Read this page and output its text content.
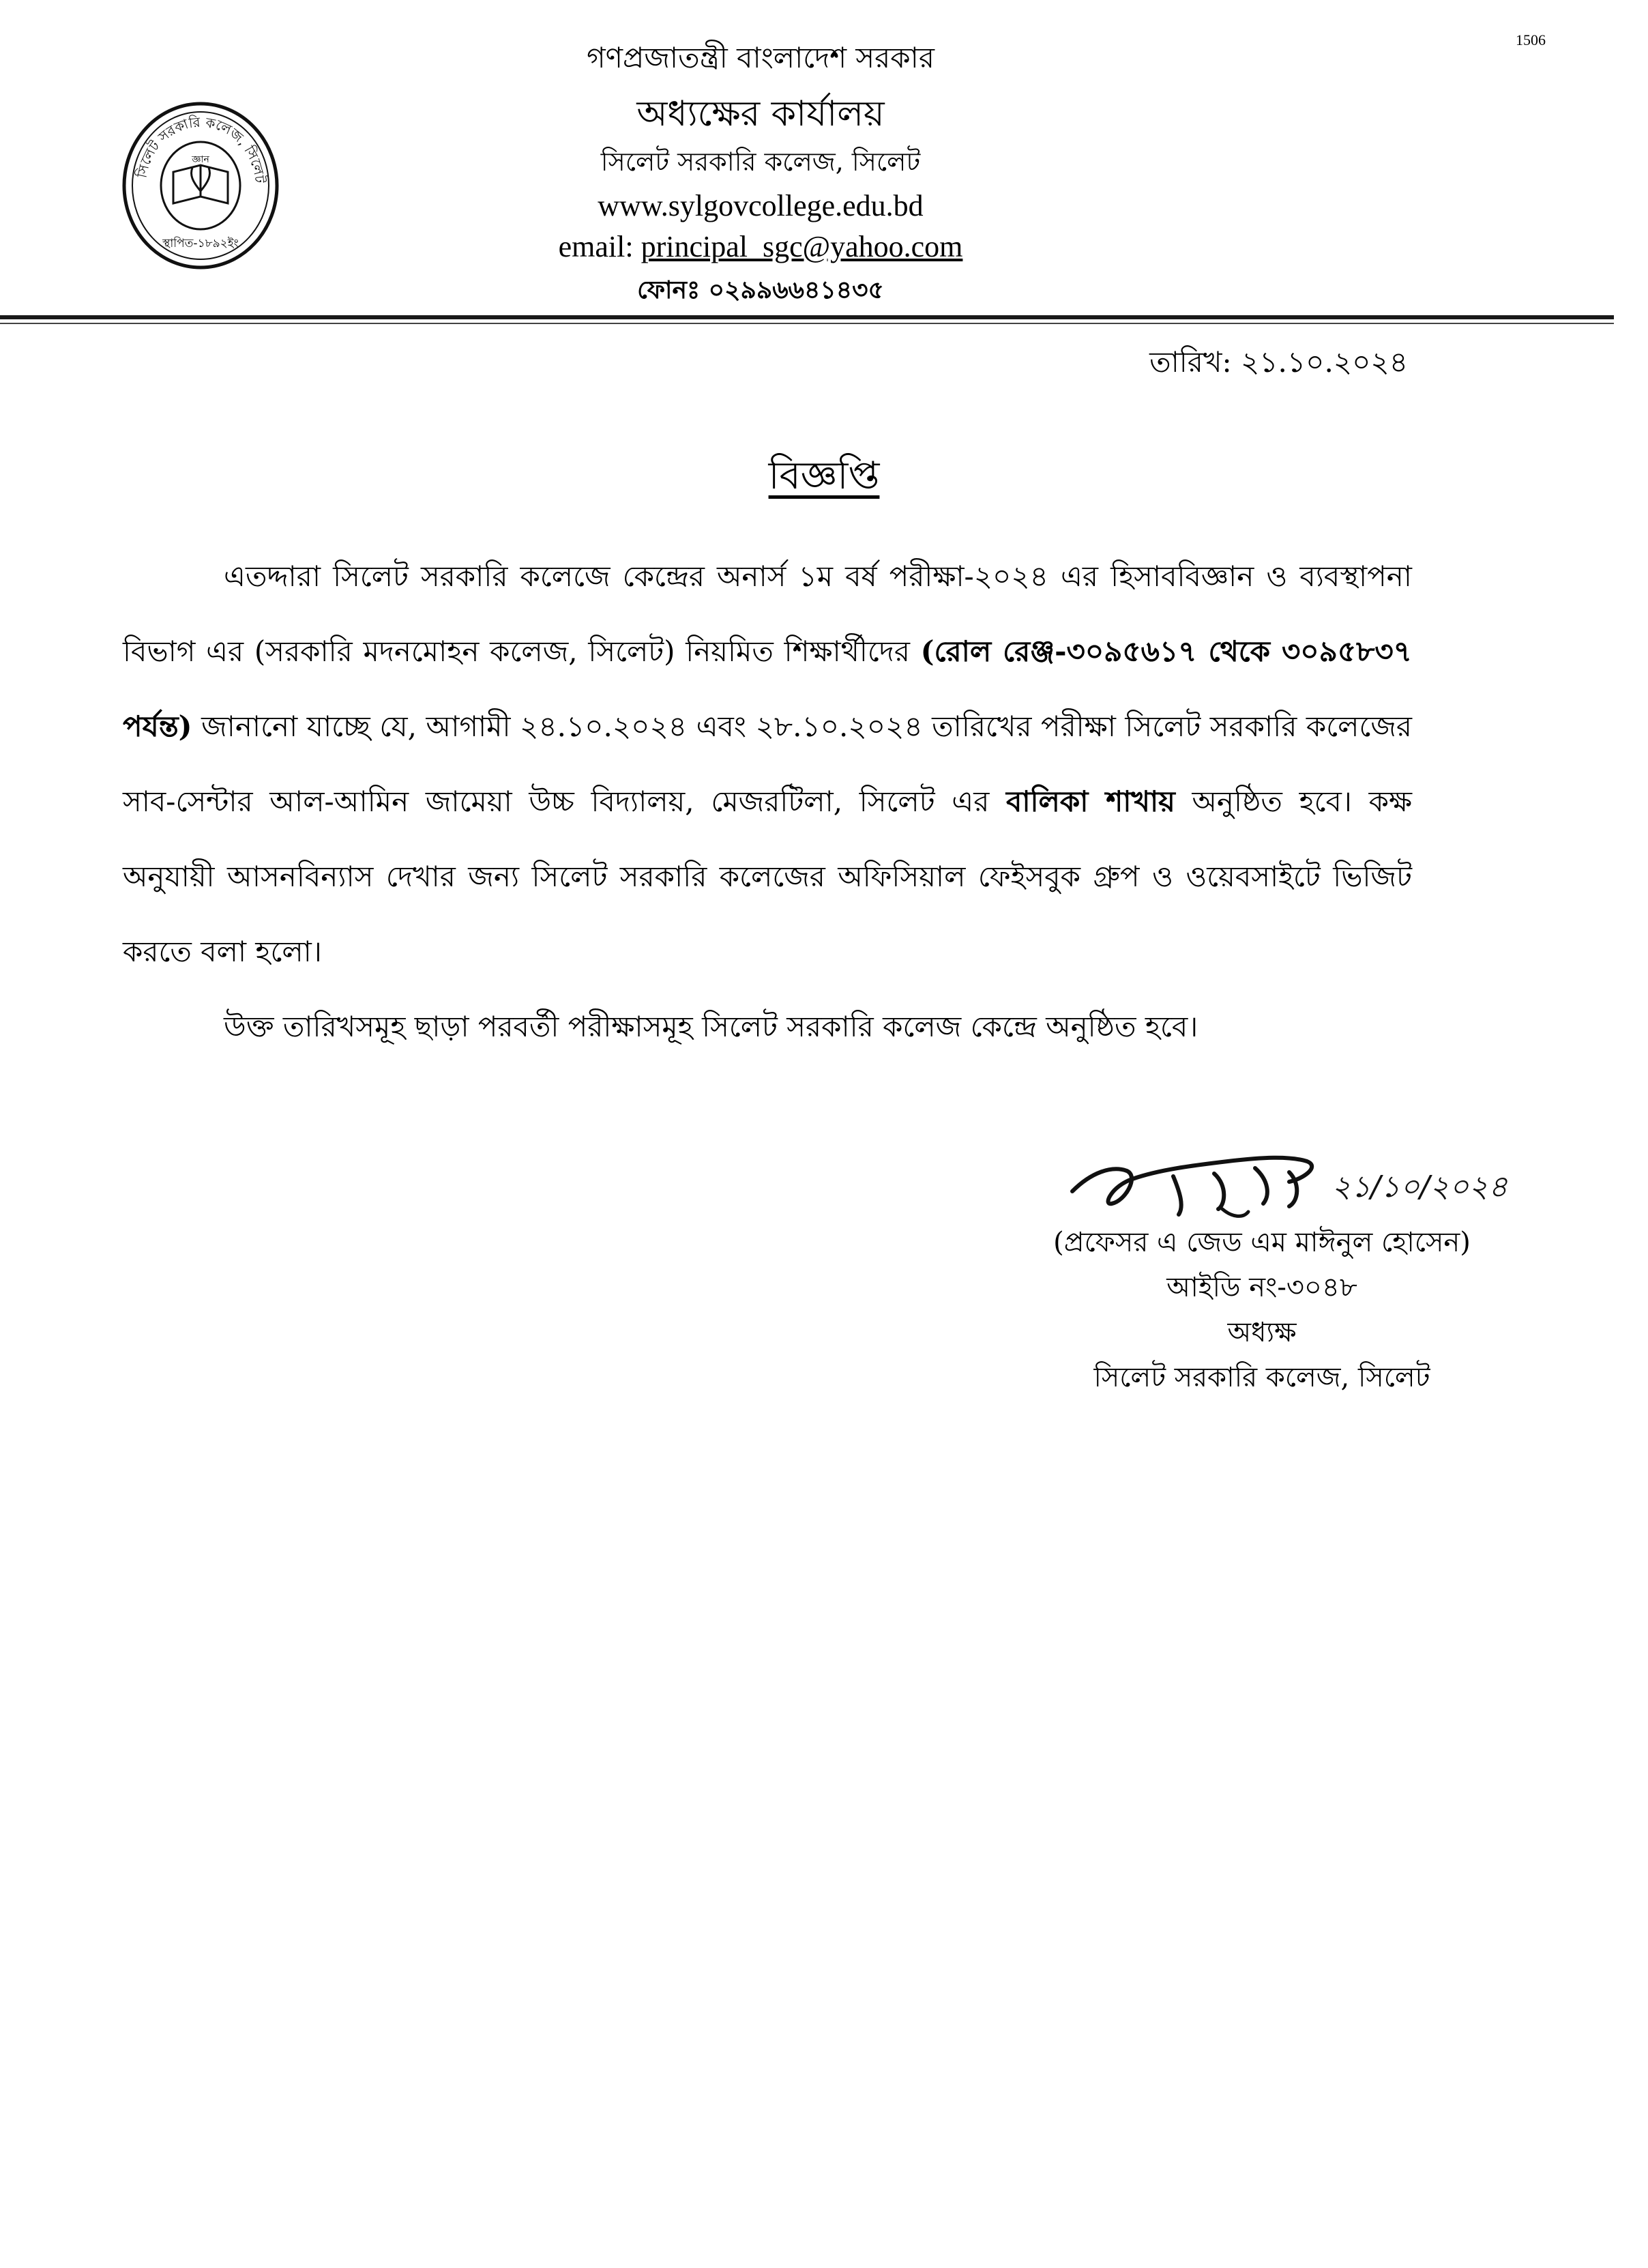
1506
জ্ঞান
সিলেট সরকারি কলেজ, সিলেট
স্থাপিত-১৮৯২ইং
গণপ্রজাতন্ত্রী বাংলাদেশ সরকার
অধ্যক্ষের কার্যালয়
সিলেট সরকারি কলেজ, সিলেট
www.sylgovcollege.edu.bd
email: principal_sgc@yahoo.com
ফোনঃ ০২৯৯৬৬৪১৪৩৫
তারিখ: ২১.১০.২০২৪
বিজ্ঞপ্তি

এতদ্দারা সিলেট সরকারি কলেজে কেন্দ্রের অনার্স ১ম বর্ষ পরীক্ষা-২০২৪ এর হিসাববিজ্ঞান ও ব্যবস্থাপনা বিভাগ এর (সরকারি মদনমোহন কলেজ, সিলেট) নিয়মিত শিক্ষার্থীদের (রোল রেঞ্জ-৩০৯৫৬১৭ থেকে ৩০৯৫৮৩৭ পর্যন্ত) জানানো যাচ্ছে যে, আগামী ২৪.১০.২০২৪ এবং ২৮.১০.২০২৪ তারিখের পরীক্ষা সিলেট সরকারি কলেজের সাব-সেন্টার আল-আমিন জামেয়া উচ্চ বিদ্যালয়, মেজরটিলা, সিলেট এর বালিকা শাখায় অনুষ্ঠিত হবে। কক্ষ অনুযায়ী আসনবিন্যাস দেখার জন্য সিলেট সরকারি কলেজের অফিসিয়াল ফেইসবুক গ্রুপ ও ওয়েবসাইটে ভিজিট করতে বলা হলো।

উক্ত তারিখসমূহ ছাড়া পরবর্তী পরীক্ষাসমূহ সিলেট সরকারি কলেজ কেন্দ্রে অনুষ্ঠিত হবে।

২১/১০/২০২৪
(প্রফেসর এ জেড এম মাঈনুল হোসেন)
আইডি নং-৩০৪৮
অধ্যক্ষ
সিলেট সরকারি কলেজ, সিলেট
